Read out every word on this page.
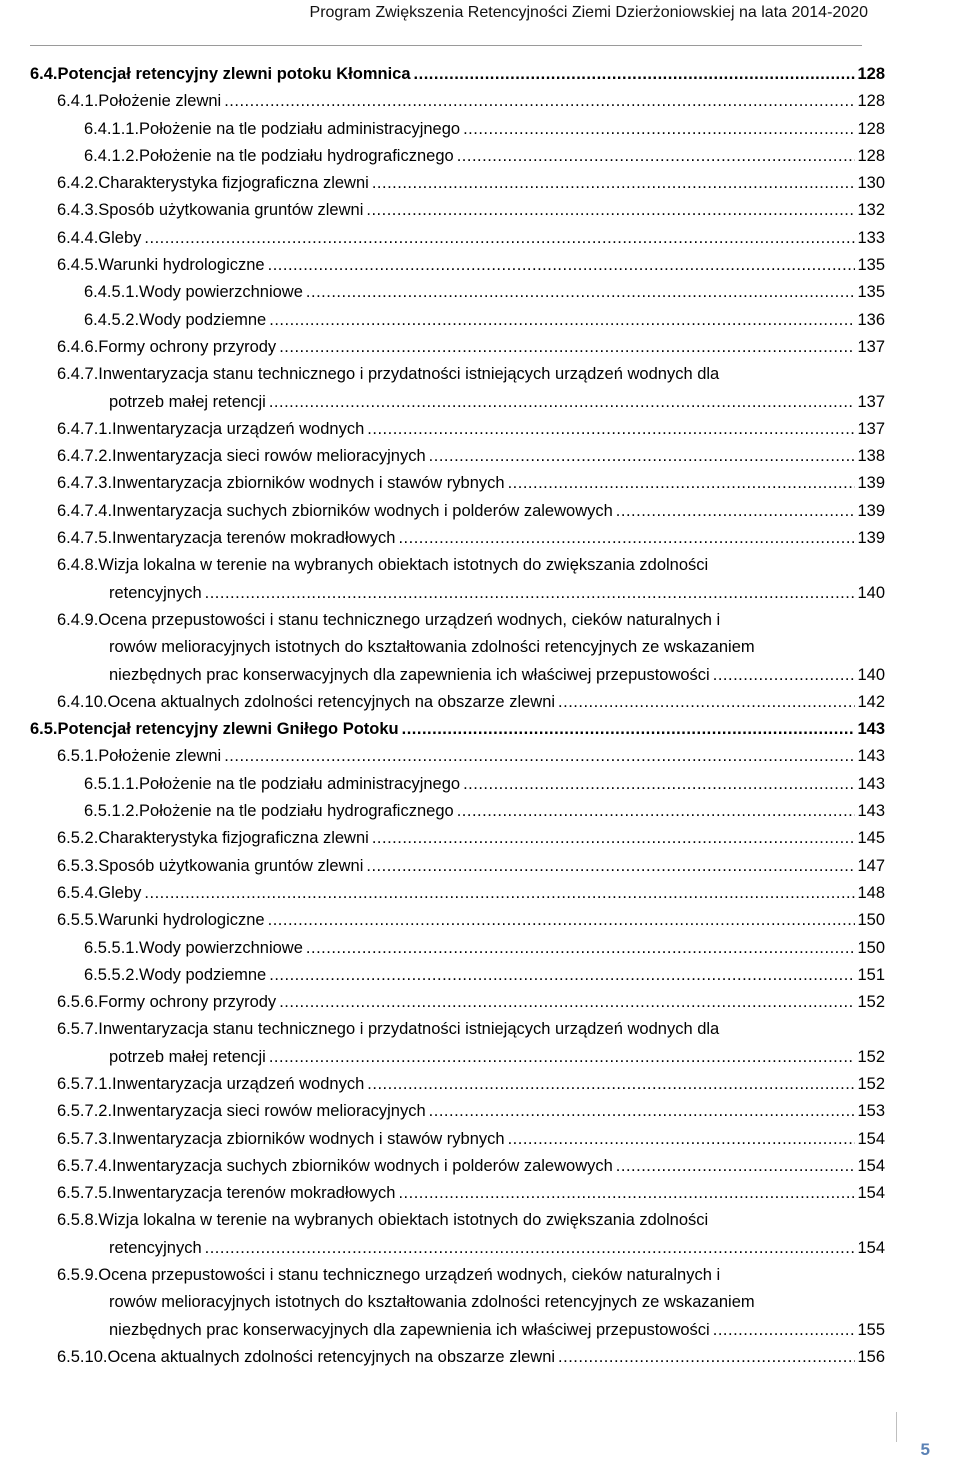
Program Zwiększenia Retencyjności Ziemi Dzierżoniowskiej na lata 2014-2020
6.4. Potencjał retencyjny zlewni potoku Kłomnica .....	128
6.4.1. Położenie zlewni .....	128
6.4.1.1. Położenie na tle podziału administracyjnego .....	128
6.4.1.2. Położenie na tle podziału hydrograficznego .....	128
6.4.2. Charakterystyka fizjograficzna zlewni .....	130
6.4.3. Sposób użytkowania gruntów zlewni .....	132
6.4.4. Gleby .....	133
6.4.5. Warunki hydrologiczne .....	135
6.4.5.1. Wody powierzchniowe .....	135
6.4.5.2. Wody podziemne .....	136
6.4.6. Formy ochrony przyrody .....	137
6.4.7. Inwentaryzacja stanu technicznego i przydatności istniejących urządzeń wodnych dla
potrzeb małej retencji .....	137
6.4.7.1. Inwentaryzacja urządzeń wodnych .....	137
6.4.7.2. Inwentaryzacja sieci rowów melioracyjnych .....	138
6.4.7.3. Inwentaryzacja zbiorników wodnych i stawów rybnych .....	139
6.4.7.4. Inwentaryzacja suchych zbiorników wodnych i polderów zalewowych .....	139
6.4.7.5. Inwentaryzacja terenów mokradłowych .....	139
6.4.8. Wizja lokalna w terenie na wybranych obiektach istotnych do zwiększania zdolności
retencyjnych .....	140
6.4.9. Ocena przepustowości i stanu technicznego urządzeń wodnych, cieków naturalnych i
rowów melioracyjnych istotnych do kształtowania zdolności retencyjnych ze wskazaniem
niezbędnych prac konserwacyjnych dla zapewnienia ich właściwej przepustowości .....	140
6.4.10. Ocena aktualnych zdolności retencyjnych na obszarze zlewni .....	142
6.5. Potencjał retencyjny zlewni Gniłego Potoku .....	143
6.5.1. Położenie zlewni .....	143
6.5.1.1. Położenie na tle podziału administracyjnego .....	143
6.5.1.2. Położenie na tle podziału hydrograficznego .....	143
6.5.2. Charakterystyka fizjograficzna zlewni .....	145
6.5.3. Sposób użytkowania gruntów zlewni .....	147
6.5.4. Gleby .....	148
6.5.5. Warunki hydrologiczne .....	150
6.5.5.1. Wody powierzchniowe .....	150
6.5.5.2. Wody podziemne .....	151
6.5.6. Formy ochrony przyrody .....	152
6.5.7. Inwentaryzacja stanu technicznego i przydatności istniejących urządzeń wodnych dla
potrzeb małej retencji .....	152
6.5.7.1. Inwentaryzacja urządzeń wodnych .....	152
6.5.7.2. Inwentaryzacja sieci rowów melioracyjnych .....	153
6.5.7.3. Inwentaryzacja zbiorników wodnych i stawów rybnych .....	154
6.5.7.4. Inwentaryzacja suchych zbiorników wodnych i polderów zalewowych .....	154
6.5.7.5. Inwentaryzacja terenów mokradłowych .....	154
6.5.8. Wizja lokalna w terenie na wybranych obiektach istotnych do zwiększania zdolności
retencyjnych .....	154
6.5.9. Ocena przepustowości i stanu technicznego urządzeń wodnych, cieków naturalnych i
rowów melioracyjnych istotnych do kształtowania zdolności retencyjnych ze wskazaniem
niezbędnych prac konserwacyjnych dla zapewnienia ich właściwej przepustowości .....	155
6.5.10. Ocena aktualnych zdolności retencyjnych na obszarze zlewni .....	156
5
